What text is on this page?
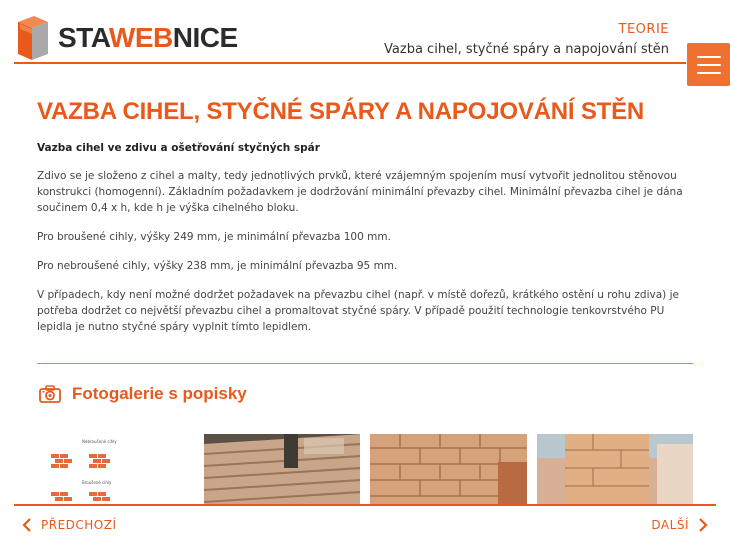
STAWEBNICE	TEORIE
Vazba cihel, styčné spáry a napojování stěn
VAZBA CIHEL, STYČNÉ SPÁRY A NAPOJOVÁNÍ STĚN
Vazba cihel ve zdivu a ošetřování styčných spár

Zdivo se je složeno z cihel a malty, tedy jednotlivých prvků, které vzájemným spojením musí vytvořit jednolitou stěnovou konstrukci (homogenní). Základním požadavkem je dodržování minimální převazby cihel. Minimální převazba cihel je dána součinem 0,4 x h, kde h je výška cihelného bloku.

Pro broušené cihly, výšky 249 mm, je minimální převazba 100 mm.

Pro nebroušené cihly, výšky 238 mm, je minimální převazba 95 mm.

V případech, kdy není možné dodržet požadavek na převazbu cihel (např. v místě dořezů, krátkého ostění u rohu zdiva) je potřeba dodržet co největší převazbu cihel a promaltovat styčné spáry. V případě použití technologie tenkovrstvého PU lepidla je nutno styčné spáry vyplnit tímto lepidlem.

Fotogalerie s popisky
Nebroušené cihly
Broušené cihly
PŘEDCHOZÍ	DALŠÍ
